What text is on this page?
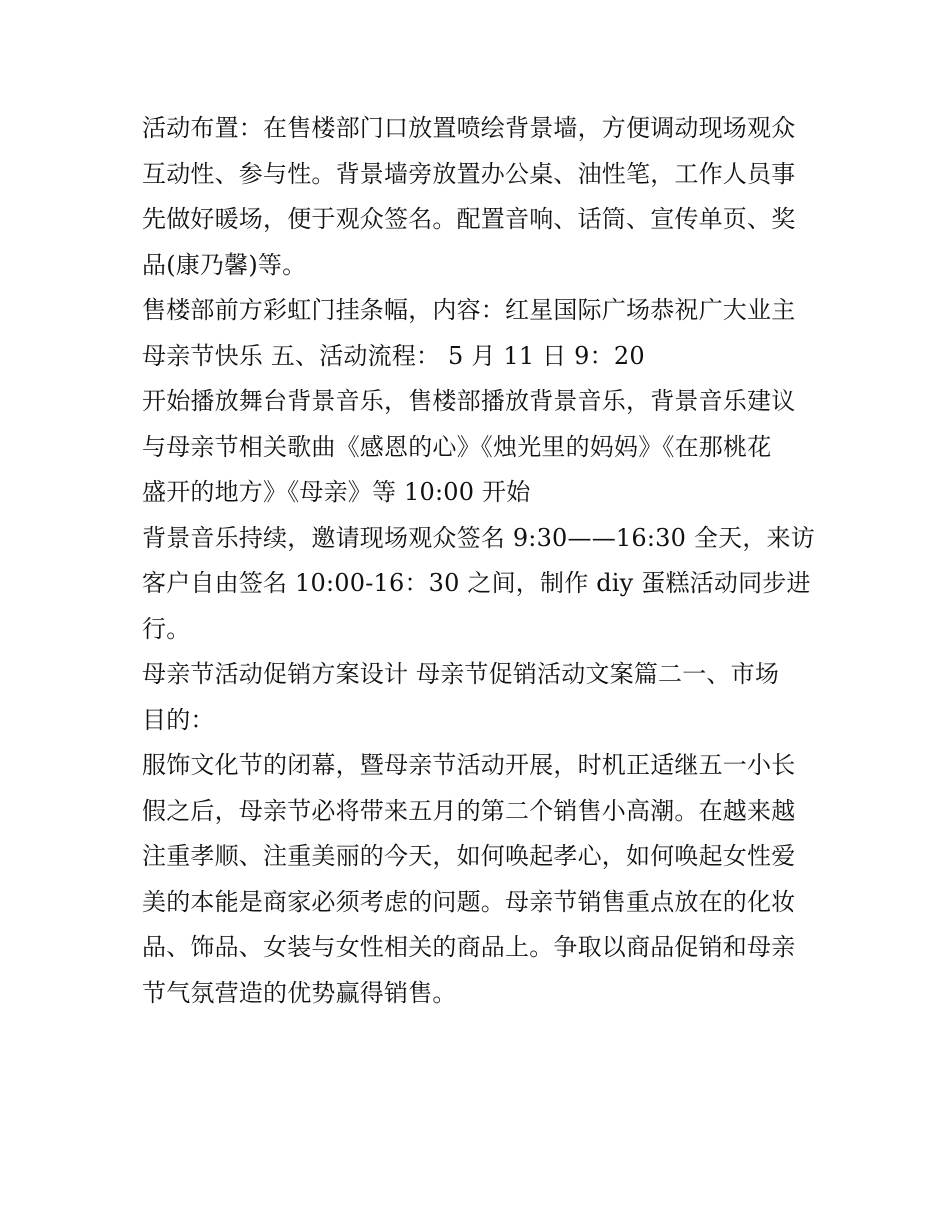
活动布置：在售楼部门口放置喷绘背景墙，方便调动现场观众
互动性、参与性。背景墙旁放置办公桌、油性笔，工作人员事
先做好暖场，便于观众签名。配置音响、话筒、宣传单页、奖
品(康乃馨)等。
售楼部前方彩虹门挂条幅，内容：红星国际广场恭祝广大业主
母亲节快乐 五、活动流程： 5 月 11 日 9：20
开始播放舞台背景音乐，售楼部播放背景音乐，背景音乐建议
与母亲节相关歌曲《感恩的心》《烛光里的妈妈》《在那桃花
盛开的地方》《母亲》等 10:00 开始
背景音乐持续，邀请现场观众签名 9:30——16:30 全天，来访
客户自由签名 10:00-16：30 之间，制作 diy 蛋糕活动同步进
行。
母亲节活动促销方案设计 母亲节促销活动文案篇二一、市场
目的：
服饰文化节的闭幕，暨母亲节活动开展，时机正适继五一小长
假之后，母亲节必将带来五月的第二个销售小高潮。在越来越
注重孝顺、注重美丽的今天，如何唤起孝心，如何唤起女性爱
美的本能是商家必须考虑的问题。母亲节销售重点放在的化妆
品、饰品、女装与女性相关的商品上。争取以商品促销和母亲
节气氛营造的优势赢得销售。
